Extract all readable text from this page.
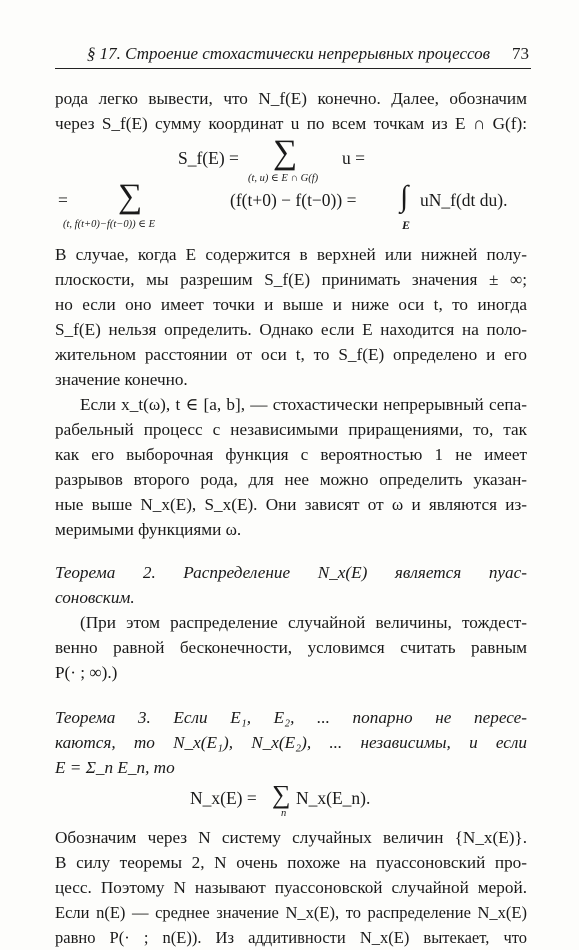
§ 17. Строение стохастически непрерывных процессов 73
рода легко вывести, что N_f(E) конечно. Далее, обозначим
через S_f(E) сумму координат u по всем точкам из E ∩ G(f):
S_f(E) = ∑
(t, u) ∈ E ∩ G(f)
u =
= ∑
(t, f(t+0)−f(t−0)) ∈ E
(f(t+0) − f(t−0)) = ∫
E
uN_f(dt du).
В случае, когда E содержится в верхней или нижней полу-
плоскости, мы разрешим S_f(E) принимать значения ± ∞;
но если оно имеет точки и выше и ниже оси t, то иногда
S_f(E) нельзя определить. Однако если E находится на поло-
жительном расстоянии от оси t, то S_f(E) определено и его
значение конечно.
Если x_t(ω), t ∈ [a, b], — стохастически непрерывный сепа-
рабельный процесс с независимыми приращениями, то, так
как его выборочная функция с вероятностью 1 не имеет
разрывов второго рода, для нее можно определить указан-
ные выше N_x(E), S_x(E). Они зависят от ω и являются из-
меримыми функциями ω.
Теорема 2. Распределение N_x(E) является пуас-
соновским.
(При этом распределение случайной величины, тождест-
венно равной бесконечности, условимся считать равным
P(· ; ∞).)
Теорема 3. Если E₁, E₂, ... попарно не пересе-
каются, то N_x(E₁), N_x(E₂), ... независимы, и если
E = Σ_n E_n, то
N_x(E) = ∑
n
N_x(E_n).
Обозначим через N систему случайных величин {N_x(E)}.
В силу теоремы 2, N очень похоже на пуассоновский про-
цесс. Поэтому N называют пуассоновской случайной мерой.
Если n(E) — среднее значение N_x(E), то распределение N_x(E)
равно P(· ; n(E)). Из аддитивности N_x(E) вытекает, что
